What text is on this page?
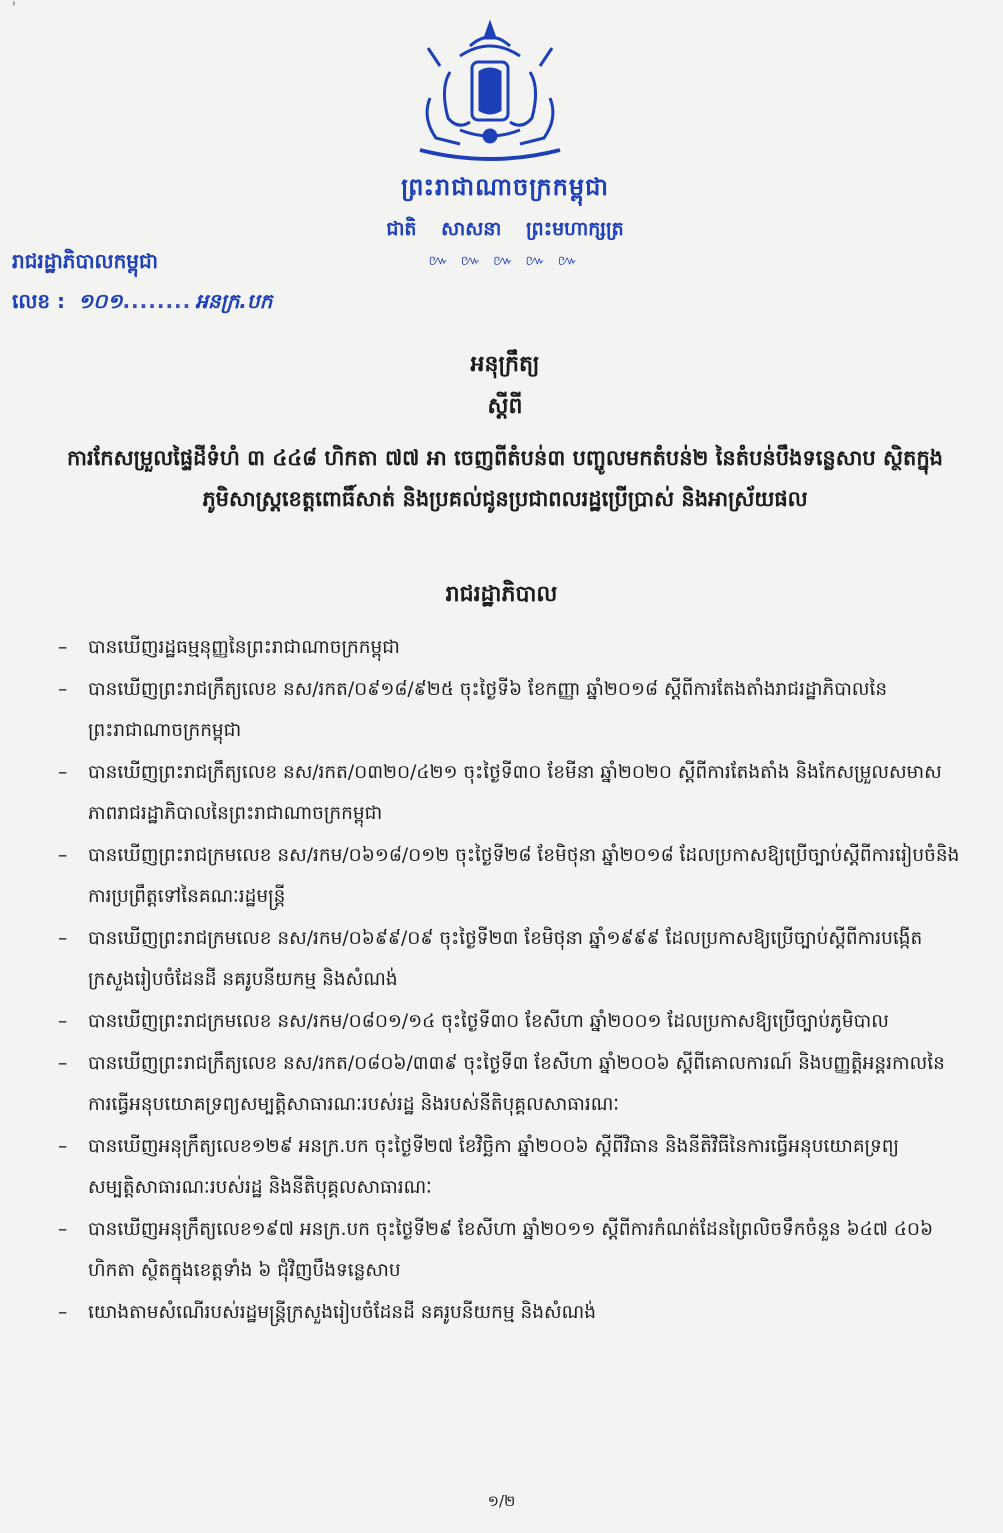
'
ព្រះរាជាណាចក្រកម្ពុជា
ជាតិ សាសនា ព្រះមហាក្សត្រ
៚ ៚ ៚ ៚ ៚
រាជរដ្ឋាភិបាលកម្ពុជា
លេខ : ១០១........ អនក្រ.បក
អនុក្រឹត្យ
ស្តីពី
ការកែសម្រួលផ្ទៃដីទំហំ ៣ ៤៤៨ ហិកតា ៧៧ អា ចេញពីតំបន់៣ បញ្ចូលមកតំបន់២ នៃតំបន់បឹងទន្លេសាប ស្ថិតក្នុងភូមិសាស្ត្រខេត្តពោធិ៍សាត់ និងប្រគល់ជូនប្រជាពលរដ្ឋប្រើប្រាស់ និងអាស្រ័យផល
រាជរដ្ឋាភិបាល
– បានឃើញរដ្ឋធម្មនុញ្ញនៃព្រះរាជាណាចក្រកម្ពុជា
– បានឃើញព្រះរាជក្រឹត្យលេខ នស/រកត/០៩១៨/៩២៥ ចុះថ្ងៃទី៦ ខែកញ្ញា ឆ្នាំ២០១៨ ស្តីពីការតែងតាំងរាជរដ្ឋាភិបាលនៃព្រះរាជាណាចក្រកម្ពុជា
– បានឃើញព្រះរាជក្រឹត្យលេខ នស/រកត/០៣២០/៤២១ ចុះថ្ងៃទី៣០ ខែមីនា ឆ្នាំ២០២០ ស្តីពីការតែងតាំង និងកែសម្រួលសមាសភាពរាជរដ្ឋាភិបាលនៃព្រះរាជាណាចក្រកម្ពុជា
– បានឃើញព្រះរាជក្រមលេខ នស/រកម/០៦១៨/០១២ ចុះថ្ងៃទី២៨ ខែមិថុនា ឆ្នាំ២០១៨ ដែលប្រកាសឱ្យប្រើច្បាប់ស្តីពីការរៀបចំនិងការប្រព្រឹត្តទៅនៃគណៈរដ្ឋមន្ត្រី
– បានឃើញព្រះរាជក្រមលេខ នស/រកម/០៦៩៩/០៩ ចុះថ្ងៃទី២៣ ខែមិថុនា ឆ្នាំ១៩៩៩ ដែលប្រកាសឱ្យប្រើច្បាប់ស្តីពីការបង្កើតក្រសួងរៀបចំដែនដី នគរូបនីយកម្ម និងសំណង់
– បានឃើញព្រះរាជក្រមលេខ នស/រកម/០៨០១/១៤ ចុះថ្ងៃទី៣០ ខែសីហា ឆ្នាំ២០០១ ដែលប្រកាសឱ្យប្រើច្បាប់ភូមិបាល
– បានឃើញព្រះរាជក្រឹត្យលេខ នស/រកត/០៨០៦/៣៣៩ ចុះថ្ងៃទី៣ ខែសីហា ឆ្នាំ២០០៦ ស្តីពីគោលការណ៍ និងបញ្ញត្តិអន្តរកាលនៃការធ្វើអនុបយោគទ្រព្យសម្បត្តិសាធារណៈរបស់រដ្ឋ និងរបស់នីតិបុគ្គលសាធារណៈ
– បានឃើញអនុក្រឹត្យលេខ១២៩ អនក្រ.បក ចុះថ្ងៃទី២៧ ខែវិច្ឆិកា ឆ្នាំ២០០៦ ស្តីពីវិធាន និងនីតិវិធីនៃការធ្វើអនុបយោគទ្រព្យសម្បត្តិសាធារណៈរបស់រដ្ឋ និងនីតិបុគ្គលសាធារណៈ
– បានឃើញអនុក្រឹត្យលេខ១៩៧ អនក្រ.បក ចុះថ្ងៃទី២៩ ខែសីហា ឆ្នាំ២០១១ ស្តីពីការកំណត់ដែនព្រៃលិចទឹកចំនួន ៦៤៧ ៤០៦ ហិកតា ស្ថិតក្នុងខេត្តទាំង ៦ ជុំវិញបឹងទន្លេសាប
– យោងតាមសំណើរបស់រដ្ឋមន្ត្រីក្រសួងរៀបចំដែនដី នគរូបនីយកម្ម និងសំណង់
១/២
